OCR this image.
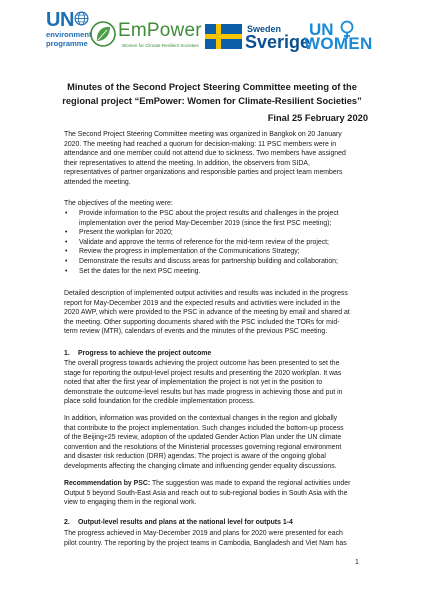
UN
environment
programme
EmPower
Women for Climate-Resilient Societies
Sweden
Sverige
UN
WOMEN
Minutes of the Second Project Steering Committee meeting of the
regional project “EmPower: Women for Climate-Resilient Societies”
Final 25 February 2020
The Second Project Steering Committee meeting was organized in Bangkok on 20 January
2020. The meeting had reached a quorum for decision-making: 11 PSC members were in
attendance and one member could not attend due to sickness. Two members have assigned
their representatives to attend the meeting. In addition, the observers from SIDA,
representatives of partner organizations and responsible parties and project team members
attended the meeting.
The objectives of the meeting were:
• Provide information to the PSC about the project results and challenges in the project
implementation over the period May-December 2019 (since the first PSC meeting);
• Present the workplan for 2020;
• Validate and approve the terms of reference for the mid-term review of the project;
• Review the progress in implementation of the Communications Strategy;
• Demonstrate the results and discuss areas for partnership building and collaboration;
• Set the dates for the next PSC meeting.
Detailed description of implemented output activities and results was included in the progress
report for May-December 2019 and the expected results and activities were included in the
2020 AWP, which were provided to the PSC in advance of the meeting by email and shared at
the meeting. Other supporting documents shared with the PSC included the TORs for mid-
term review (MTR), calendars of events and the minutes of the previous PSC meeting.
1. Progress to achieve the project outcome
The overall progress towards achieving the project outcome has been presented to set the
stage for reporting the output-level project results and presenting the 2020 workplan. It was
noted that after the first year of implementation the project is not yet in the position to
demonstrate the outcome-level results but has made progress in achieving those and put in
place solid foundation for the credible implementation process.
In addition, information was provided on the contextual changes in the region and globally
that contribute to the project implementation. Such changes included the bottom-up process
of the Beijing+25 review, adoption of the updated Gender Action Plan under the UN climate
convention and the resolutions of the Ministerial processes governing regional environment
and disaster risk reduction (DRR) agendas. The project is aware of the ongoing global
developments affecting the changing climate and influencing gender equality discussions.
Recommendation by PSC: The suggestion was made to expand the regional activities under
Output 5 beyond South-East Asia and reach out to sub-regional bodies in South Asia with the
view to engaging them in the regional work.
2. Output-level results and plans at the national level for outputs 1-4
The progress achieved in May-December 2019 and plans for 2020 were presented for each
pilot country. The reporting by the project teams in Cambodia, Bangladesh and Viet Nam has
1
